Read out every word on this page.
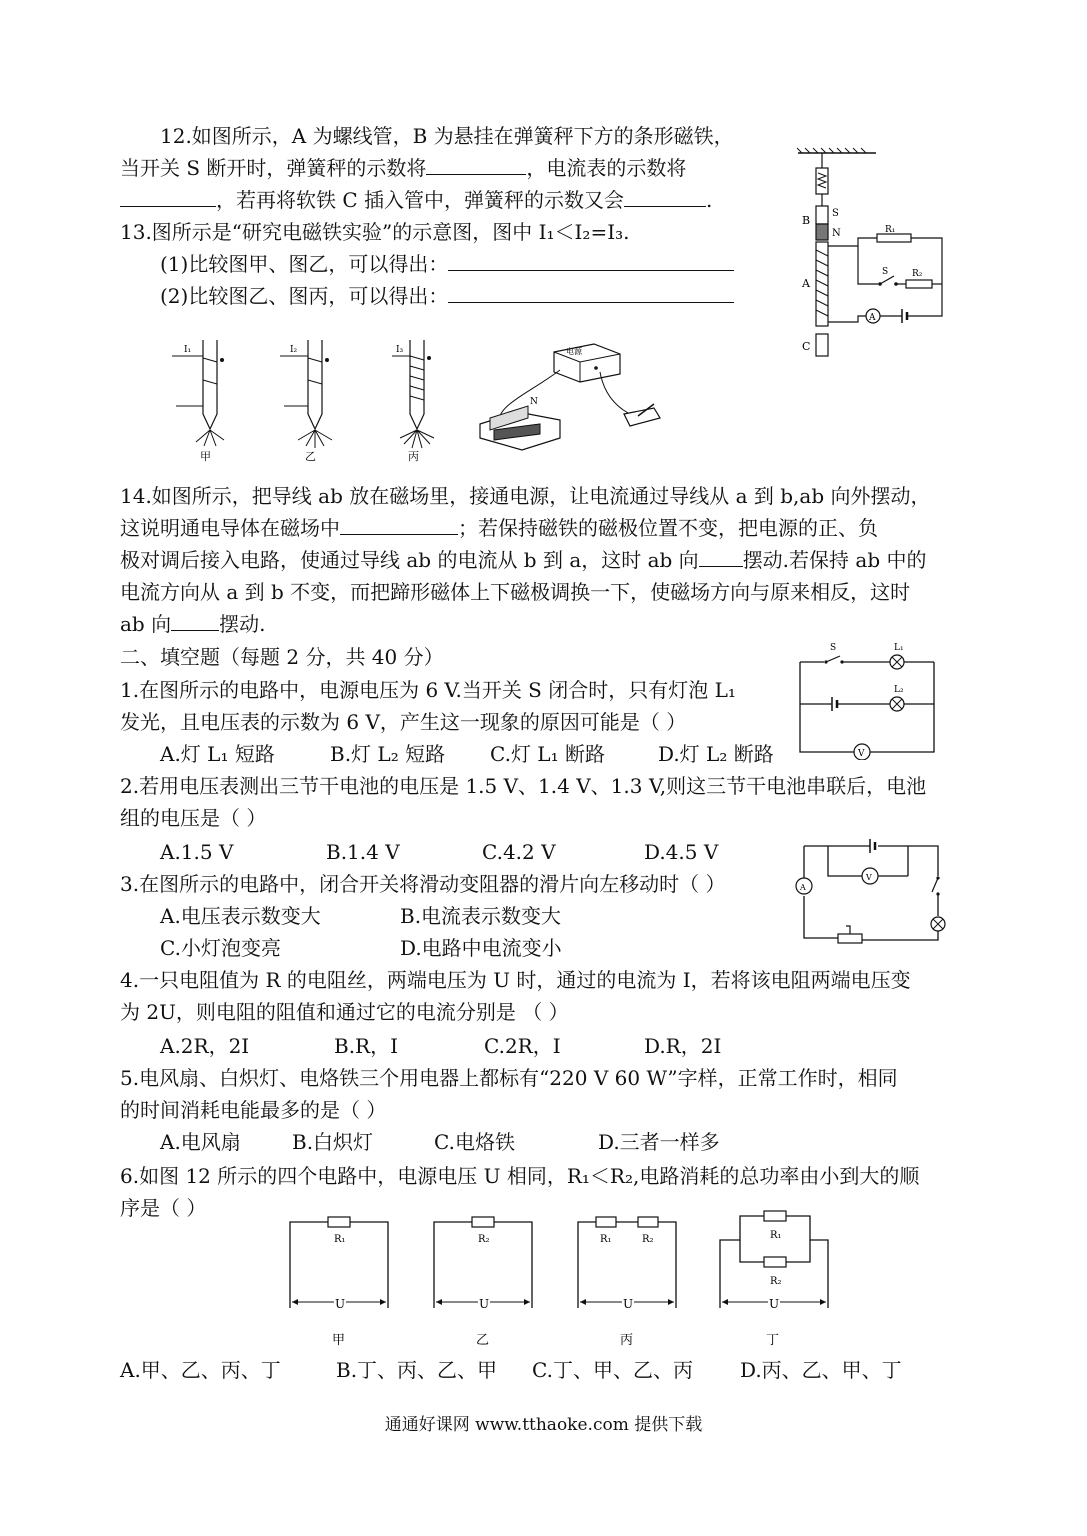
12.如图所示，A 为螺线管，B 为悬挂在弹簧秤下方的条形磁铁，
当开关 S 断开时，弹簧秤的示数将	，电流表的示数将
，若再将软铁 C 插入管中，弹簧秤的示数又会	.
B
S
N
A
R₁
S	R₂
A
C
13.图所示是“研究电磁铁实验”的示意图，图中 I₁＜I₂=I₃.
(1)比较图甲、图乙，可以得出：
(2)比较图乙、图丙，可以得出：
I₁
甲
I₂
乙
I₃
丙
电源
N
14.如图所示，把导线 ab 放在磁场里，接通电源，让电流通过导线从 a 到 b,ab 向外摆动，
这说明通电导体在磁场中	；若保持磁铁的磁极位置不变，把电源的正、负
极对调后接入电路，使通过导线 ab 的电流从 b 到 a，这时 ab 向 摆动.若保持 ab 中的
电流方向从 a 到 b 不变，而把蹄形磁体上下磁极调换一下，使磁场方向与原来相反，这时
ab 向 摆动.
二、填空题（每题 2 分，共 40 分）
1.在图所示的电路中，电源电压为 6 V.当开关 S 闭合时，只有灯泡 L₁
发光，且电压表的示数为 6 V，产生这一现象的原因可能是（ ）
A.灯 L₁ 短路	B.灯 L₂ 短路 C.灯 L₁ 断路	D.灯 L₂ 断路
S	L₁
L₂
V
2.若用电压表测出三节干电池的电压是 1.5 V、1.4 V、1.3 V,则这三节干电池串联后，电池
组的电压是（ ）
A.1.5 V	B.1.4 V	C.4.2 V	D.4.5 V
3.在图所示的电路中，闭合开关将滑动变阻器的滑片向左移动时（ ）
A.电压表示数变大	B.电流表示数变大
C.小灯泡变亮	D.电路中电流变小
V
A
4.一只电阻值为 R 的电阻丝，两端电压为 U 时，通过的电流为 I，若将该电阻两端电压变
为 2U，则电阻的阻值和通过它的电流分别是 （ ）
A.2R，2I	B.R，I	C.2R，I	D.R，2I
5.电风扇、白炽灯、电烙铁三个用电器上都标有“220 V 60 W”字样，正常工作时，相同
的时间消耗电能最多的是（ ）
A.电风扇	B.白炽灯	C.电烙铁	D.三者一样多
6.如图 12 所示的四个电路中，电源电压 U 相同，R₁＜R₂,电路消耗的总功率由小到大的顺
序是（ ）
R₁
U
甲
R₂
U
乙
R₁	R₂
U
丙
R₁
R₂
U
丁
A.甲、乙、丙、丁	B.丁、丙、乙、甲 C.丁、甲、乙、丙 D.丙、乙、甲、丁
通通好课网 www.tthaoke.com 提供下载
